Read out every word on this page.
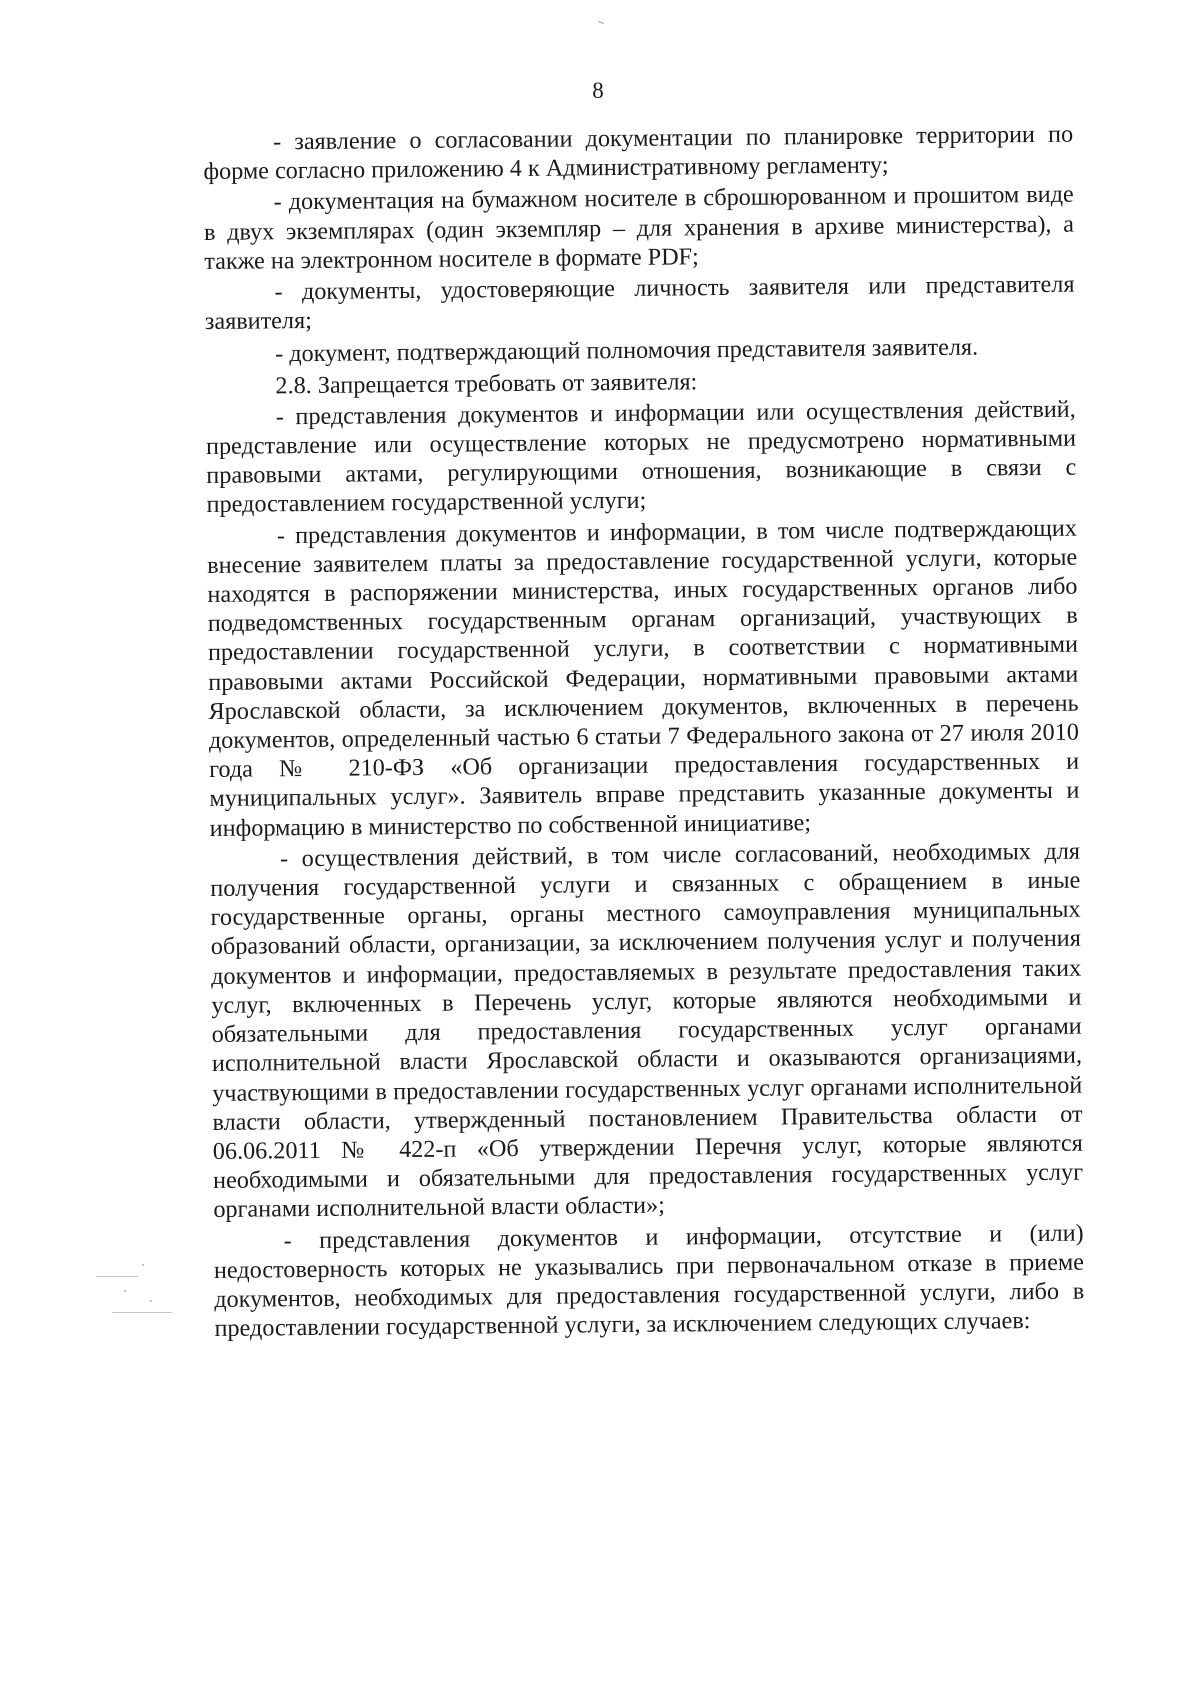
8

- заявление о согласовании документации по планировке территории по форме согласно приложению 4 к Административному регламенту;

- документация на бумажном носителе в сброшюрованном и прошитом виде в двух экземплярах (один экземпляр – для хранения в архиве министерства), а также на электронном носителе в формате PDF;

- документы, удостоверяющие личность заявителя или представителя заявителя;

- документ, подтверждающий полномочия представителя заявителя.

2.8. Запрещается требовать от заявителя:

- представления документов и информации или осуществления действий, представление или осуществление которых не предусмотрено нормативными правовыми актами, регулирующими отношения, возникающие в связи с предоставлением государственной услуги;

- представления документов и информации, в том числе подтверждающих внесение заявителем платы за предоставление государственной услуги, которые находятся в распоряжении министерства, иных государственных органов либо подведомственных государственным органам организаций, участвующих в предоставлении государственной услуги, в соответствии с нормативными правовыми актами Российской Федерации, нормативными правовыми актами Ярославской области, за исключением документов, включенных в перечень документов, определенный частью 6 статьи 7 Федерального закона от 27 июля 2010 года № 210-ФЗ «Об организации предоставления государственных и муниципальных услуг». Заявитель вправе представить указанные документы и информацию в министерство по собственной инициативе;

- осуществления действий, в том числе согласований, необходимых для получения государственной услуги и связанных с обращением в иные государственные органы, органы местного самоуправления муниципальных образований области, организации, за исключением получения услуг и получения документов и информации, предоставляемых в результате предоставления таких услуг, включенных в Перечень услуг, которые являются необходимыми и обязательными для предоставления государственных услуг органами исполнительной власти Ярославской области и оказываются организациями, участвующими в предоставлении государственных услуг органами исполнительной власти области, утвержденный постановлением Правительства области от 06.06.2011 № 422-п «Об утверждении Перечня услуг, которые являются необходимыми и обязательными для предоставления государственных услуг органами исполнительной власти области»;

- представления документов и информации, отсутствие и (или) недостоверность которых не указывались при первоначальном отказе в приеме документов, необходимых для предоставления государственной услуги, либо в предоставлении государственной услуги, за исключением следующих случаев:
